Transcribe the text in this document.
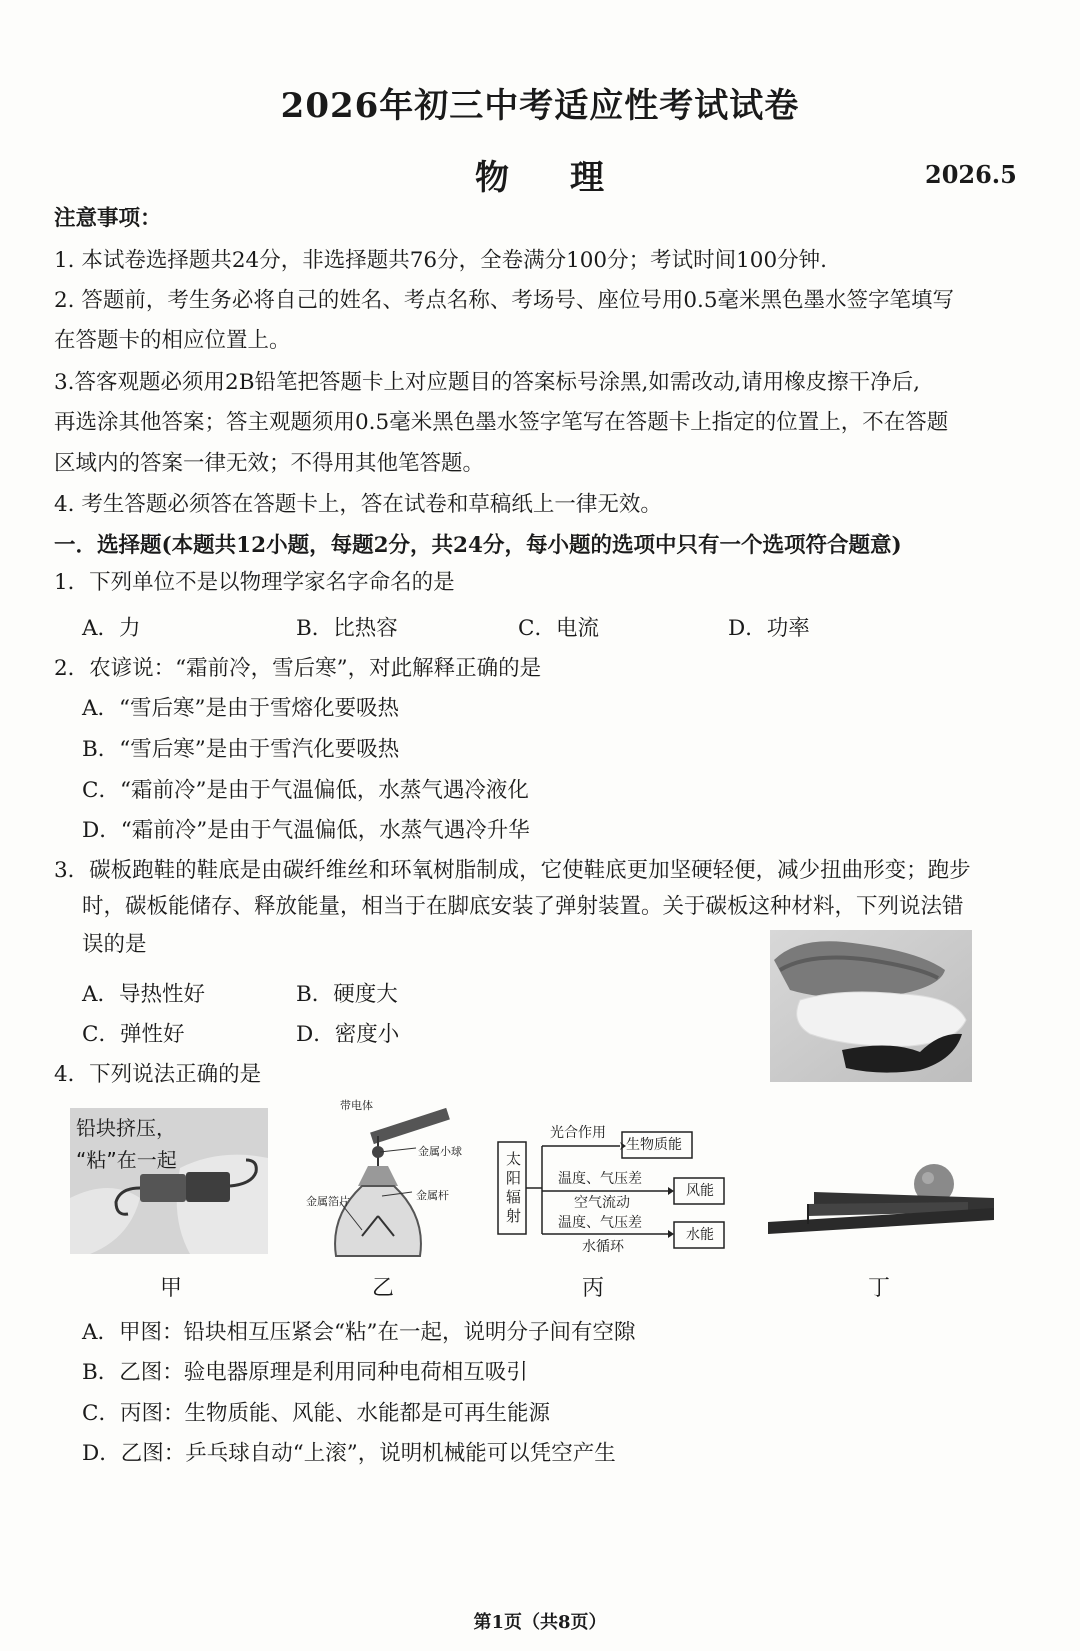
2026年初三中考适应性考试试卷
物 理	2026.5
注意事项：
1. 本试卷选择题共24分，非选择题共76分，全卷满分100分；考试时间100分钟.
2. 答题前，考生务必将自己的姓名、考点名称、考场号、座位号用0.5毫米黑色墨水签字笔填写
在答题卡的相应位置上。
3.答客观题必须用2B铅笔把答题卡上对应题目的答案标号涂黑,如需改动,请用橡皮擦干净后,
再选涂其他答案；答主观题须用0.5毫米黑色墨水签字笔写在答题卡上指定的位置上，不在答题
区域内的答案一律无效；不得用其他笔答题。
4. 考生答题必须答在答题卡上，答在试卷和草稿纸上一律无效。
一．选择题(本题共12小题，每题2分，共24分，每小题的选项中只有一个选项符合题意)
1．下列单位不是以物理学家名字命名的是
A．力	B．比热容	C．电流	D．功率
2．农谚说：“霜前冷，雪后寒”，对此解释正确的是
A．“雪后寒”是由于雪熔化要吸热
B．“雪后寒”是由于雪汽化要吸热
C．“霜前冷”是由于气温偏低，水蒸气遇冷液化
D．“霜前冷”是由于气温偏低，水蒸气遇冷升华
3．碳板跑鞋的鞋底是由碳纤维丝和环氧树脂制成，它使鞋底更加坚硬轻便，减少扭曲形变；跑步
时，碳板能储存、释放能量，相当于在脚底安装了弹射装置。关于碳板这种材料，下列说法错
误的是
A．导热性好	B．硬度大
C．弹性好	D．密度小
4．下列说法正确的是
铅块挤压，
“粘”在一起
甲
带电体
金属小球
金属杆
金属箔片
乙
太阳辐射
光合作用
生物质能
温度、气压差
空气流动
风能
温度、气压差
水循环
水能
丙	丁
A．甲图：铅块相互压紧会“粘”在一起，说明分子间有空隙
B．乙图：验电器原理是利用同种电荷相互吸引
C．丙图：生物质能、风能、水能都是可再生能源
D．乙图：乒乓球自动“上滚”，说明机械能可以凭空产生
第1页（共8页）
